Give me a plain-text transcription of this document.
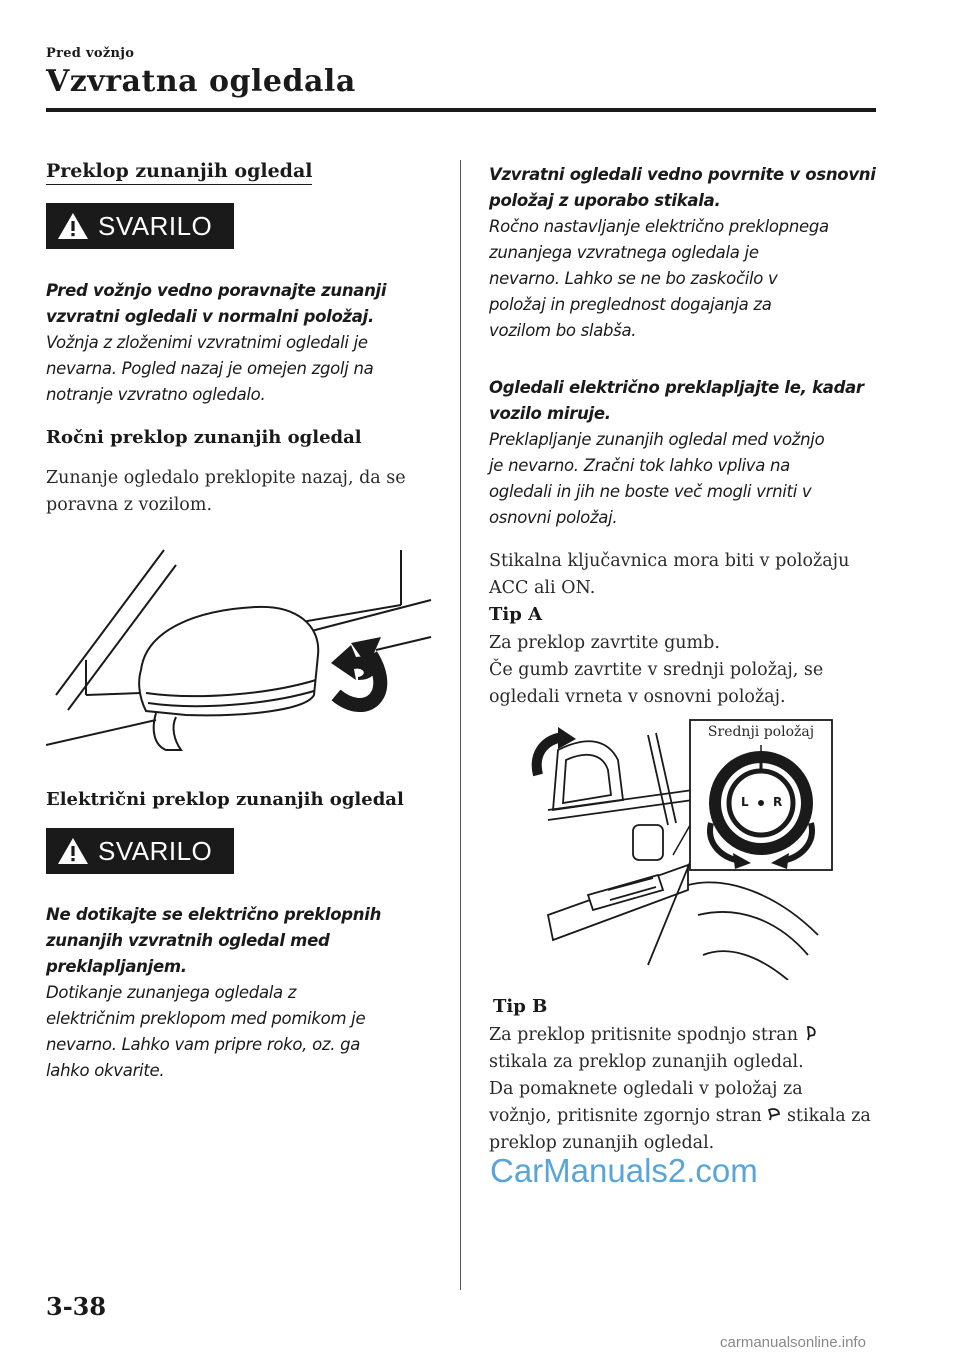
Pred vožnjo
Vzvratna ogledala
Preklop zunanjih ogledal
SVARILO
Pred vožnjo vedno poravnajte zunanji
vzvratni ogledali v normalni položaj.
Vožnja z zloženimi vzvratnimi ogledali je
nevarna. Pogled nazaj je omejen zgolj na
notranje vzvratno ogledalo.
Ročni preklop zunanjih ogledal
Zunanje ogledalo preklopite nazaj, da se
poravna z vozilom.
Električni preklop zunanjih ogledal
SVARILO
Ne dotikajte se električno preklopnih
zunanjih vzvratnih ogledal med
preklapljanjem.
Dotikanje zunanjega ogledala z
električnim preklopom med pomikom je
nevarno. Lahko vam pripre roko, oz. ga
lahko okvarite.
Vzvratni ogledali vedno povrnite v osnovni
položaj z uporabo stikala.
Ročno nastavljanje električno preklopnega
zunanjega vzvratnega ogledala je
nevarno. Lahko se ne bo zaskočilo v
položaj in preglednost dogajanja za
vozilom bo slabša.
Ogledali električno preklapljajte le, kadar
vozilo miruje.
Preklapljanje zunanjih ogledal med vožnjo
je nevarno. Zračni tok lahko vpliva na
ogledali in jih ne boste več mogli vrniti v
osnovni položaj.
Stikalna ključavnica mora biti v položaju
ACC ali ON.
Tip A
Za preklop zavrtite gumb.
Če gumb zavrtite v srednji položaj, se
ogledali vrneta v osnovni položaj.
L R
Srednji položaj
Tip B
Za preklop pritisnite spodnjo stran
stikala za preklop zunanjih ogledal.
Da pomaknete ogledali v položaj za
vožnjo, pritisnite zgornjo stran stikala za
preklop zunanjih ogledal.
CarManuals2.com
3-38
carmanualsonline.info
